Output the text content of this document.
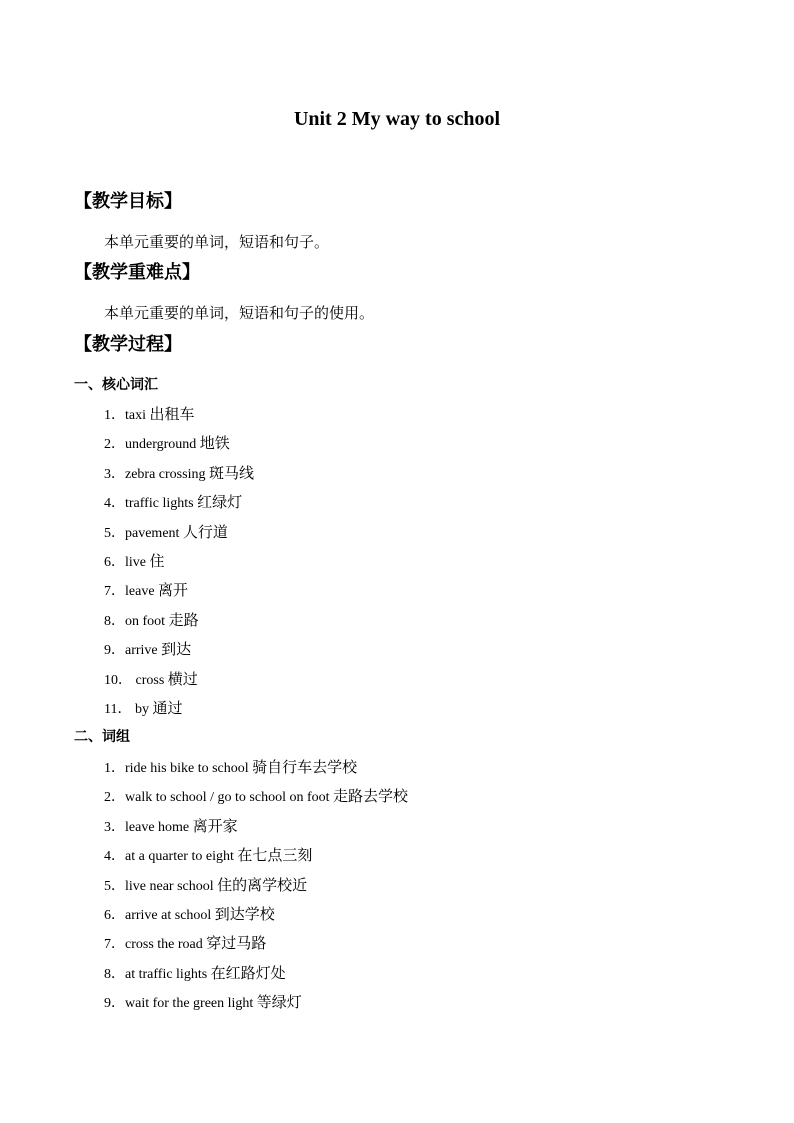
Unit 2 My way to school
【教学目标】
本单元重要的单词，短语和句子。
【教学重难点】
本单元重要的单词，短语和句子的使用。
【教学过程】
一、核心词汇
1．taxi 出租车
2．underground 地铁
3．zebra crossing 斑马线
4．traffic lights 红绿灯
5．pavement 人行道
6．live 住
7．leave 离开
8．on foot 走路
9．arrive 到达
10． cross 横过
11． by 通过
二、词组
1．ride his bike to school 骑自行车去学校
2．walk to school / go to school on foot 走路去学校
3．leave home 离开家
4．at a quarter to eight 在七点三刻
5．live near school 住的离学校近
6．arrive at school 到达学校
7．cross the road 穿过马路
8．at traffic lights 在红路灯处
9．wait for the green light 等绿灯
